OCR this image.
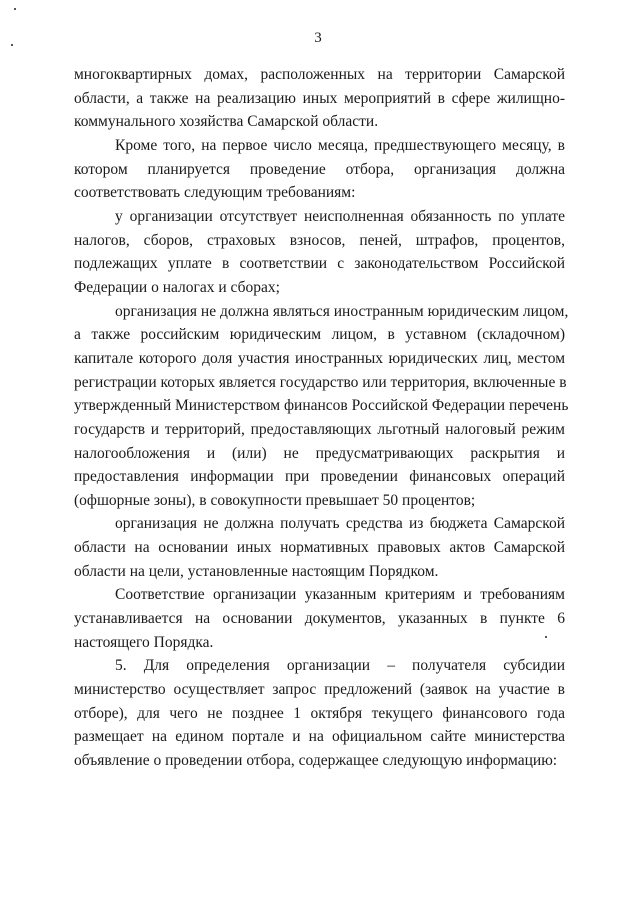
3
многоквартирных домах, расположенных на территории Самарской
области, а также на реализацию иных мероприятий в сфере жилищно-
коммунального хозяйства Самарской области.
Кроме того, на первое число месяца, предшествующего месяцу, в
котором планируется проведение отбора, организация должна
соответствовать следующим требованиям:
у организации отсутствует неисполненная обязанность по уплате
налогов, сборов, страховых взносов, пеней, штрафов, процентов,
подлежащих уплате в соответствии с законодательством Российской
Федерации о налогах и сборах;
организация не должна являться иностранным юридическим лицом,
а также российским юридическим лицом, в уставном (складочном)
капитале которого доля участия иностранных юридических лиц, местом
регистрации которых является государство или территория, включенные в
утвержденный Министерством финансов Российской Федерации перечень
государств и территорий, предоставляющих льготный налоговый режим
налогообложения и (или) не предусматривающих раскрытия и
предоставления информации при проведении финансовых операций
(офшорные зоны), в совокупности превышает 50 процентов;
организация не должна получать средства из бюджета Самарской
области на основании иных нормативных правовых актов Самарской
области на цели, установленные настоящим Порядком.
Соответствие организации указанным критериям и требованиям
устанавливается на основании документов, указанных в пункте 6
настоящего Порядка.
5. Для определения организации – получателя субсидии
министерство осуществляет запрос предложений (заявок на участие в
отборе), для чего не позднее 1 октября текущего финансового года
размещает на едином портале и на официальном сайте министерства
объявление о проведении отбора, содержащее следующую информацию:
